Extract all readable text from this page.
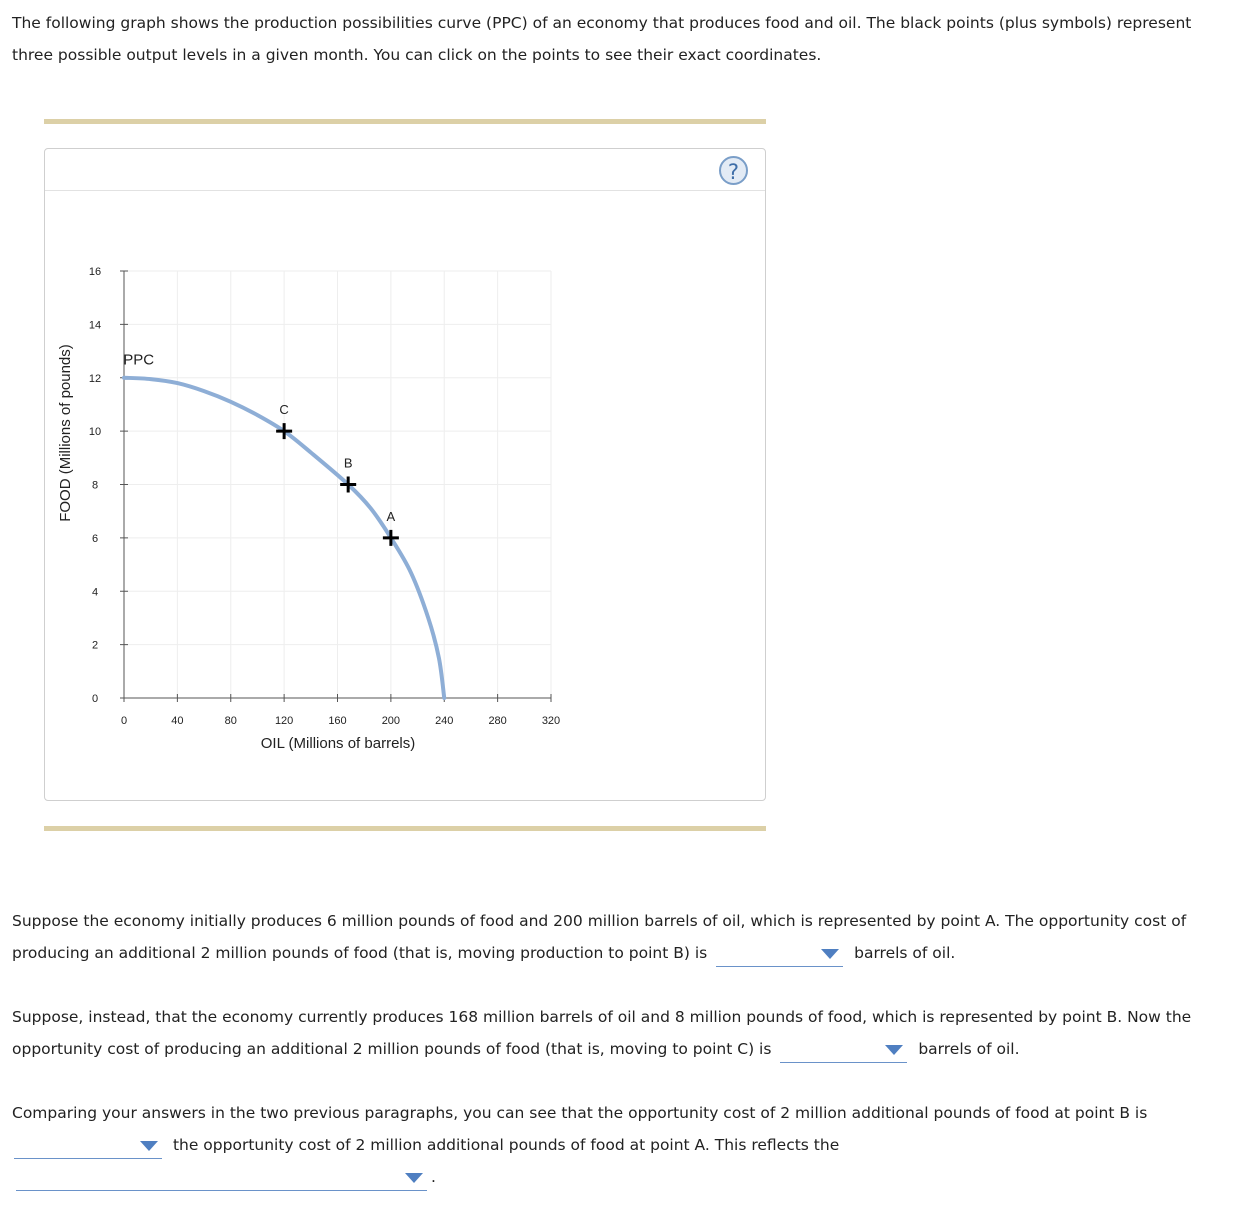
The following graph shows the production possibilities curve (PPC) of an economy that produces food and oil. The black points (plus symbols) represent three possible output levels in a given month. You can click on the points to see their exact coordinates.

?
0
2
4
6
8
10
12
14
16
0	40	80	120	160	200	240	280	320
PPC
C
B
A
OIL (Millions of barrels)
FOOD (Millions of pounds)

Suppose the economy initially produces 6 million pounds of food and 200 million barrels of oil, which is represented by point A. The opportunity cost of producing an additional 2 million pounds of food (that is, moving production to point B) is	barrels of oil.

Suppose, instead, that the economy currently produces 168 million barrels of oil and 8 million pounds of food, which is represented by point B. Now the opportunity cost of producing an additional 2 million pounds of food (that is, moving to point C) is	barrels of oil.

Comparing your answers in the two previous paragraphs, you can see that the opportunity cost of 2 million additional pounds of food at point B is
the opportunity cost of 2 million additional pounds of food at point A. This reflects the
.
